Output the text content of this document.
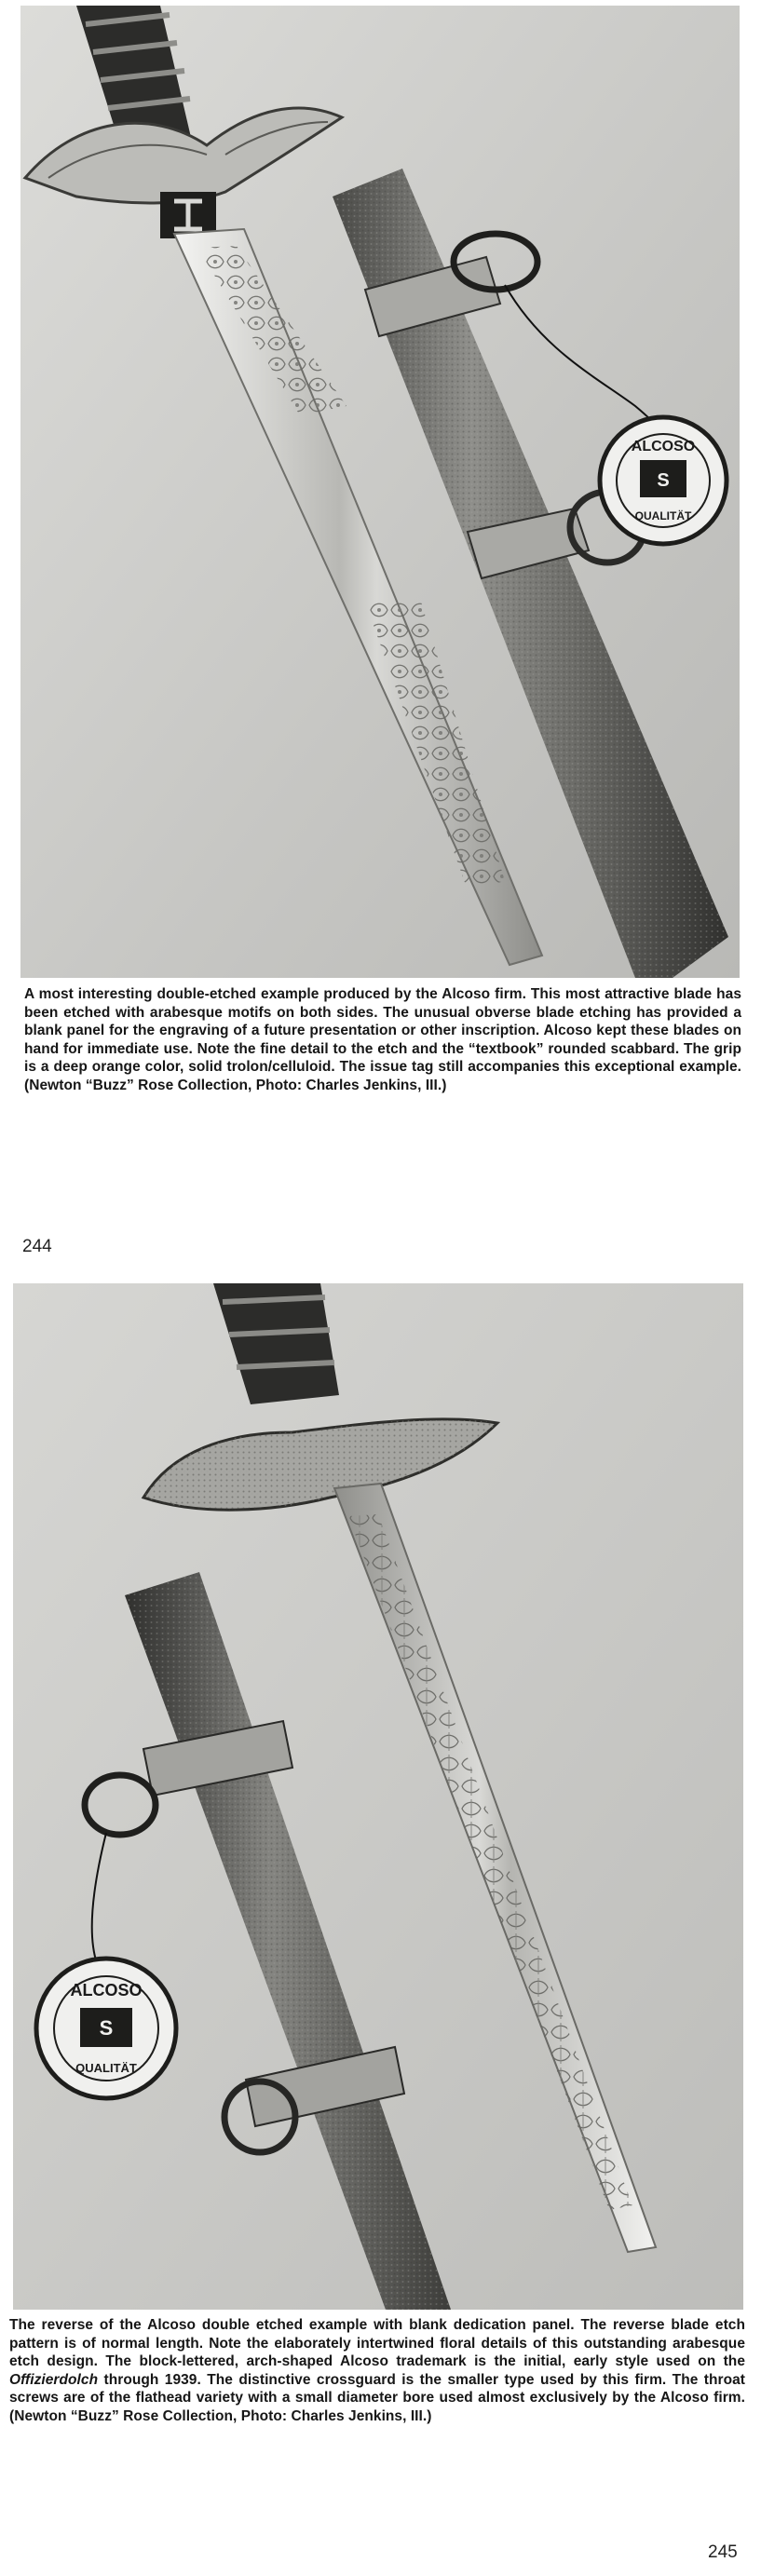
ALCOSO
S
QUALITÄT

A most interesting double-etched example produced by the Alcoso firm. This most attractive blade has been etched with arabesque motifs on both sides. The unusual obverse blade etching has provided a blank panel for the engraving of a future presentation or other inscription. Alcoso kept these blades on hand for immediate use. Note the fine detail to the etch and the “textbook” rounded scabbard. The grip is a deep orange color, solid trolon/celluloid. The issue tag still accompanies this exceptional example. (Newton “Buzz” Rose Collection, Photo: Charles Jenkins, III.)

244
ALCOSO
S
QUALITÄT

The reverse of the Alcoso double etched example with blank dedication panel. The reverse blade etch pattern is of normal length. Note the elaborately intertwined floral details of this outstanding arabesque etch design. The block-lettered, arch-shaped Alcoso trademark is the initial, early style used on the Offizierdolch through 1939. The distinctive crossguard is the smaller type used by this firm. The throat screws are of the flathead variety with a small diameter bore used almost exclusively by the Alcoso firm. (Newton “Buzz” Rose Collection, Photo: Charles Jenkins, III.)

245
